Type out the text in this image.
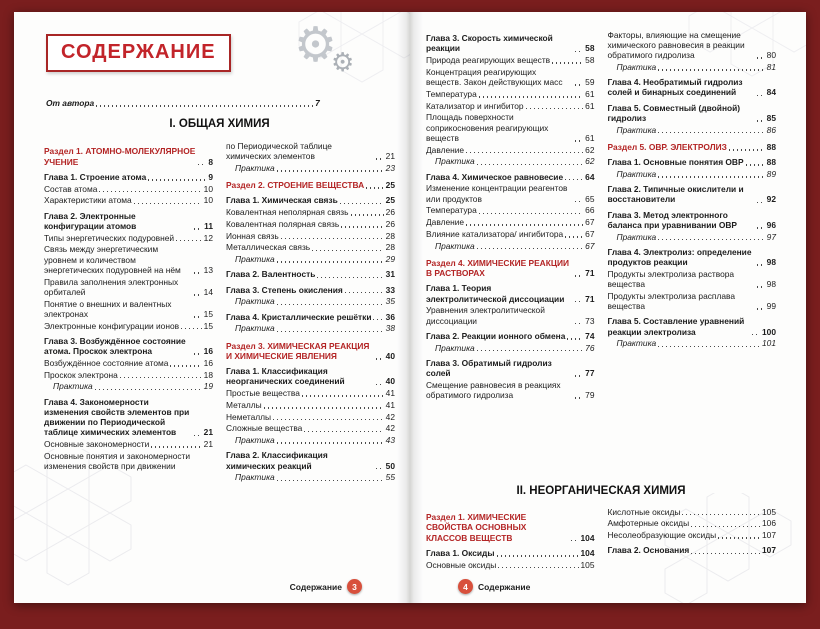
СОДЕРЖАНИЕ ⚙
⚙
От автора	7
I. ОБЩАЯ ХИМИЯ
Раздел 1. АТОМНО-МОЛЕКУЛЯРНОЕ УЧЕНИЕ	8
Глава 1. Строение атома	9
Состав атома	10
Характеристики атома	10
Глава 2. Электронные конфигурации атомов	11
Типы энергетических подуровней	12
Связь между энергетическим уровнем и количеством энергетических подуровней на нём	13
Правила заполнения электронных орбиталей	14
Понятие о внешних и валентных электронах	15
Электронные конфигурации ионов	15
Глава 3. Возбуждённое состояние атома. Проскок электрона	16
Возбуждённое состояние атома	16
Проскок электрона	18
Практика	19
Глава 4. Закономерности изменения свойств элементов при движении по Периодической таблице химических элементов	21
Основные закономерности	21
Основные понятия и закономерности изменения свойств при движении
по Периодической таблице химических элементов	21
Практика	23
Раздел 2. СТРОЕНИЕ ВЕЩЕСТВА	25
Глава 1. Химическая связь	25
Ковалентная неполярная связь	26
Ковалентная полярная связь	26
Ионная связь	28
Металлическая связь	28
Практика	29
Глава 2. Валентность	31
Глава 3. Степень окисления	33
Практика	35
Глава 4. Кристаллические решётки 36
Практика	38
Раздел 3. ХИМИЧЕСКАЯ РЕАКЦИЯ И ХИМИЧЕСКИЕ ЯВЛЕНИЯ	40
Глава 1. Классификация неорганических соединений	40
Простые вещества	41
Металлы	41
Неметаллы	42
Сложные вещества	42
Практика	43
Глава 2. Классификация химических реакций	50
Практика	55
Содержание	3
Глава 3. Скорость химической реакции	58
Природа реагирующих веществ	58
Концентрация реагирующих веществ. Закон действующих масс	59
Температура	61
Катализатор и ингибитор	61
Площадь поверхности соприкосновения реагирующих веществ	61
Давление	62
Практика	62
Глава 4. Химическое равновесие	64
Изменение концентрации реагентов или продуктов	65
Температура	66
Давление	67
Влияние катализатора/ ингибитора	67
Практика	67
Раздел 4. ХИМИЧЕСКИЕ РЕАКЦИИ В РАСТВОРАХ	71
Глава 1. Теория электролитической диссоциации	71
Уравнения электролитической диссоциации	73
Глава 2. Реакции ионного обмена 74
Практика	76
Глава 3. Обратимый гидролиз солей	77
Смещение равновесия в реакциях обратимого гидролиза	79
Факторы, влияющие на смещение химического равновесия в реакции обратимого гидролиза	80
Практика	81
Глава 4. Необратимый гидролиз солей и бинарных соединений	84
Глава 5. Совместный (двойной) гидролиз	85
Практика	86
Раздел 5. ОВР. ЭЛЕКТРОЛИЗ	88
Глава 1. Основные понятия ОВР	88
Практика	89
Глава 2. Типичные окислители и восстановители	92
Глава 3. Метод электронного баланса при уравнивании ОВР	96
Практика	97
Глава 4. Электролиз: определение продуктов реакции	98
Продукты электролиза раствора вещества	98
Продукты электролиза расплава вещества	99
Глава 5. Составление уравнений реакции электролиза	100
Практика	101
II. НЕОРГАНИЧЕСКАЯ ХИМИЯ
Раздел 1. ХИМИЧЕСКИЕ СВОЙСТВА ОСНОВНЫХ КЛАССОВ ВЕЩЕСТВ	104
Глава 1. Оксиды	104
Основные оксиды	105
Кислотные оксиды	105
Амфотерные оксиды	106
Несолеобразующие оксиды	107
Глава 2. Основания	107
4	Содержание
